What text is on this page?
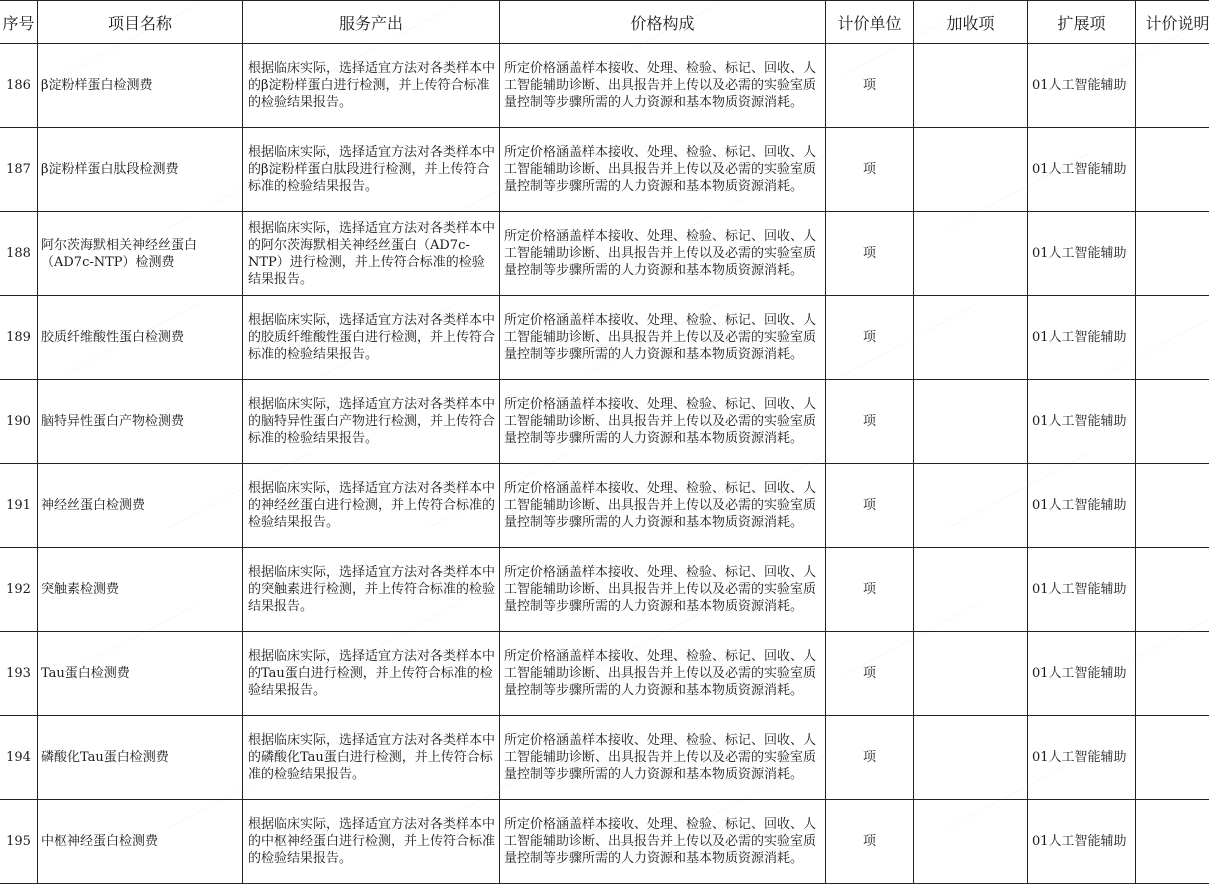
序号	项目名称	服务产出	价格构成	计价单位	加收项	扩展项	计价说明
186	β淀粉样蛋白检测费	根据临床实际，选择适宜方法对各类样本中的β淀粉样蛋白进行检测，并上传符合标准的检验结果报告。	所定价格涵盖样本接收、处理、检验、标记、回收、人工智能辅助诊断、出具报告并上传以及必需的实验室质量控制等步骤所需的人力资源和基本物质资源消耗。	项		01人工智能辅助	
187	β淀粉样蛋白肽段检测费	根据临床实际，选择适宜方法对各类样本中的β淀粉样蛋白肽段进行检测，并上传符合标准的检验结果报告。	所定价格涵盖样本接收、处理、检验、标记、回收、人工智能辅助诊断、出具报告并上传以及必需的实验室质量控制等步骤所需的人力资源和基本物质资源消耗。	项		01人工智能辅助	
188	阿尔茨海默相关神经丝蛋白（AD7c-NTP）检测费	根据临床实际，选择适宜方法对各类样本中的阿尔茨海默相关神经丝蛋白（AD7c-NTP）进行检测，并上传符合标准的检验结果报告。	所定价格涵盖样本接收、处理、检验、标记、回收、人工智能辅助诊断、出具报告并上传以及必需的实验室质量控制等步骤所需的人力资源和基本物质资源消耗。	项		01人工智能辅助	
189	胶质纤维酸性蛋白检测费	根据临床实际，选择适宜方法对各类样本中的胶质纤维酸性蛋白进行检测，并上传符合标准的检验结果报告。	所定价格涵盖样本接收、处理、检验、标记、回收、人工智能辅助诊断、出具报告并上传以及必需的实验室质量控制等步骤所需的人力资源和基本物质资源消耗。	项		01人工智能辅助	
190	脑特异性蛋白产物检测费	根据临床实际，选择适宜方法对各类样本中的脑特异性蛋白产物进行检测，并上传符合标准的检验结果报告。	所定价格涵盖样本接收、处理、检验、标记、回收、人工智能辅助诊断、出具报告并上传以及必需的实验室质量控制等步骤所需的人力资源和基本物质资源消耗。	项		01人工智能辅助	
191	神经丝蛋白检测费	根据临床实际，选择适宜方法对各类样本中的神经丝蛋白进行检测，并上传符合标准的检验结果报告。	所定价格涵盖样本接收、处理、检验、标记、回收、人工智能辅助诊断、出具报告并上传以及必需的实验室质量控制等步骤所需的人力资源和基本物质资源消耗。	项		01人工智能辅助	
192	突触素检测费	根据临床实际，选择适宜方法对各类样本中的突触素进行检测，并上传符合标准的检验结果报告。	所定价格涵盖样本接收、处理、检验、标记、回收、人工智能辅助诊断、出具报告并上传以及必需的实验室质量控制等步骤所需的人力资源和基本物质资源消耗。	项		01人工智能辅助	
193	Tau蛋白检测费	根据临床实际，选择适宜方法对各类样本中的Tau蛋白进行检测，并上传符合标准的检验结果报告。	所定价格涵盖样本接收、处理、检验、标记、回收、人工智能辅助诊断、出具报告并上传以及必需的实验室质量控制等步骤所需的人力资源和基本物质资源消耗。	项		01人工智能辅助	
194	磷酸化Tau蛋白检测费	根据临床实际，选择适宜方法对各类样本中的磷酸化Tau蛋白进行检测，并上传符合标准的检验结果报告。	所定价格涵盖样本接收、处理、检验、标记、回收、人工智能辅助诊断、出具报告并上传以及必需的实验室质量控制等步骤所需的人力资源和基本物质资源消耗。	项		01人工智能辅助	
195	中枢神经蛋白检测费	根据临床实际，选择适宜方法对各类样本中的中枢神经蛋白进行检测，并上传符合标准的检验结果报告。	所定价格涵盖样本接收、处理、检验、标记、回收、人工智能辅助诊断、出具报告并上传以及必需的实验室质量控制等步骤所需的人力资源和基本物质资源消耗。	项		01人工智能辅助	
